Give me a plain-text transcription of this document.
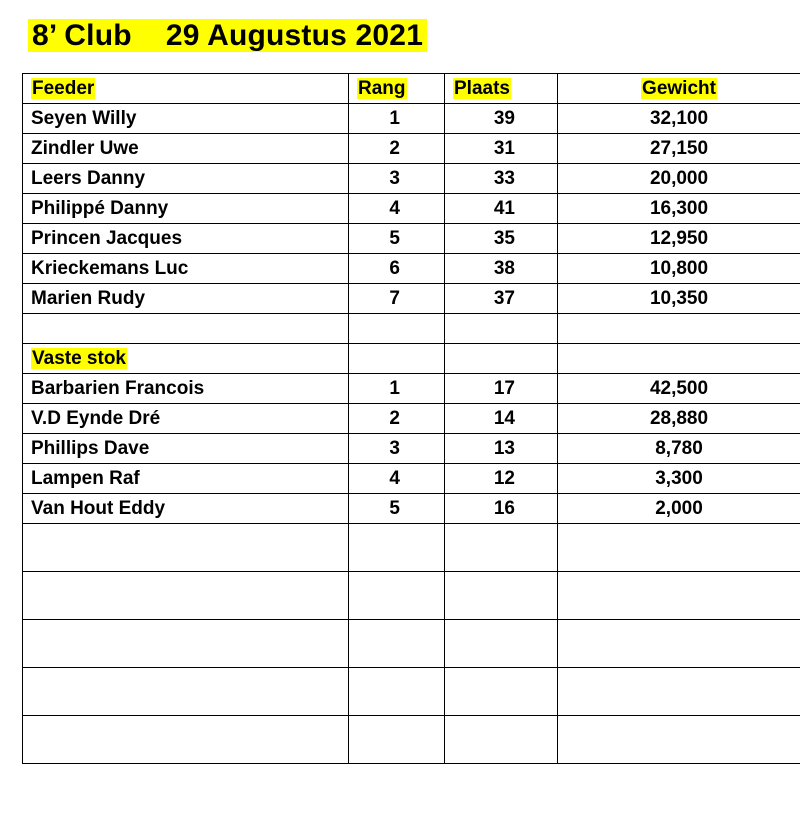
8’ Club    29 Augustus 2021
Feeder	Rang	Plaats	Gewicht
Seyen Willy	1	39	32,100
Zindler Uwe	2	31	27,150
Leers Danny	3	33	20,000
Philippé Danny	4	41	16,300
Princen Jacques	5	35	12,950
Krieckemans Luc	6	38	10,800
Marien Rudy	7	37	10,350

Vaste stok			
Barbarien Francois	1	17	42,500
V.D Eynde Dré	2	14	28,880
Phillips Dave	3	13	8,780
Lampen Raf	4	12	3,300
Van Hout Eddy	5	16	2,000
